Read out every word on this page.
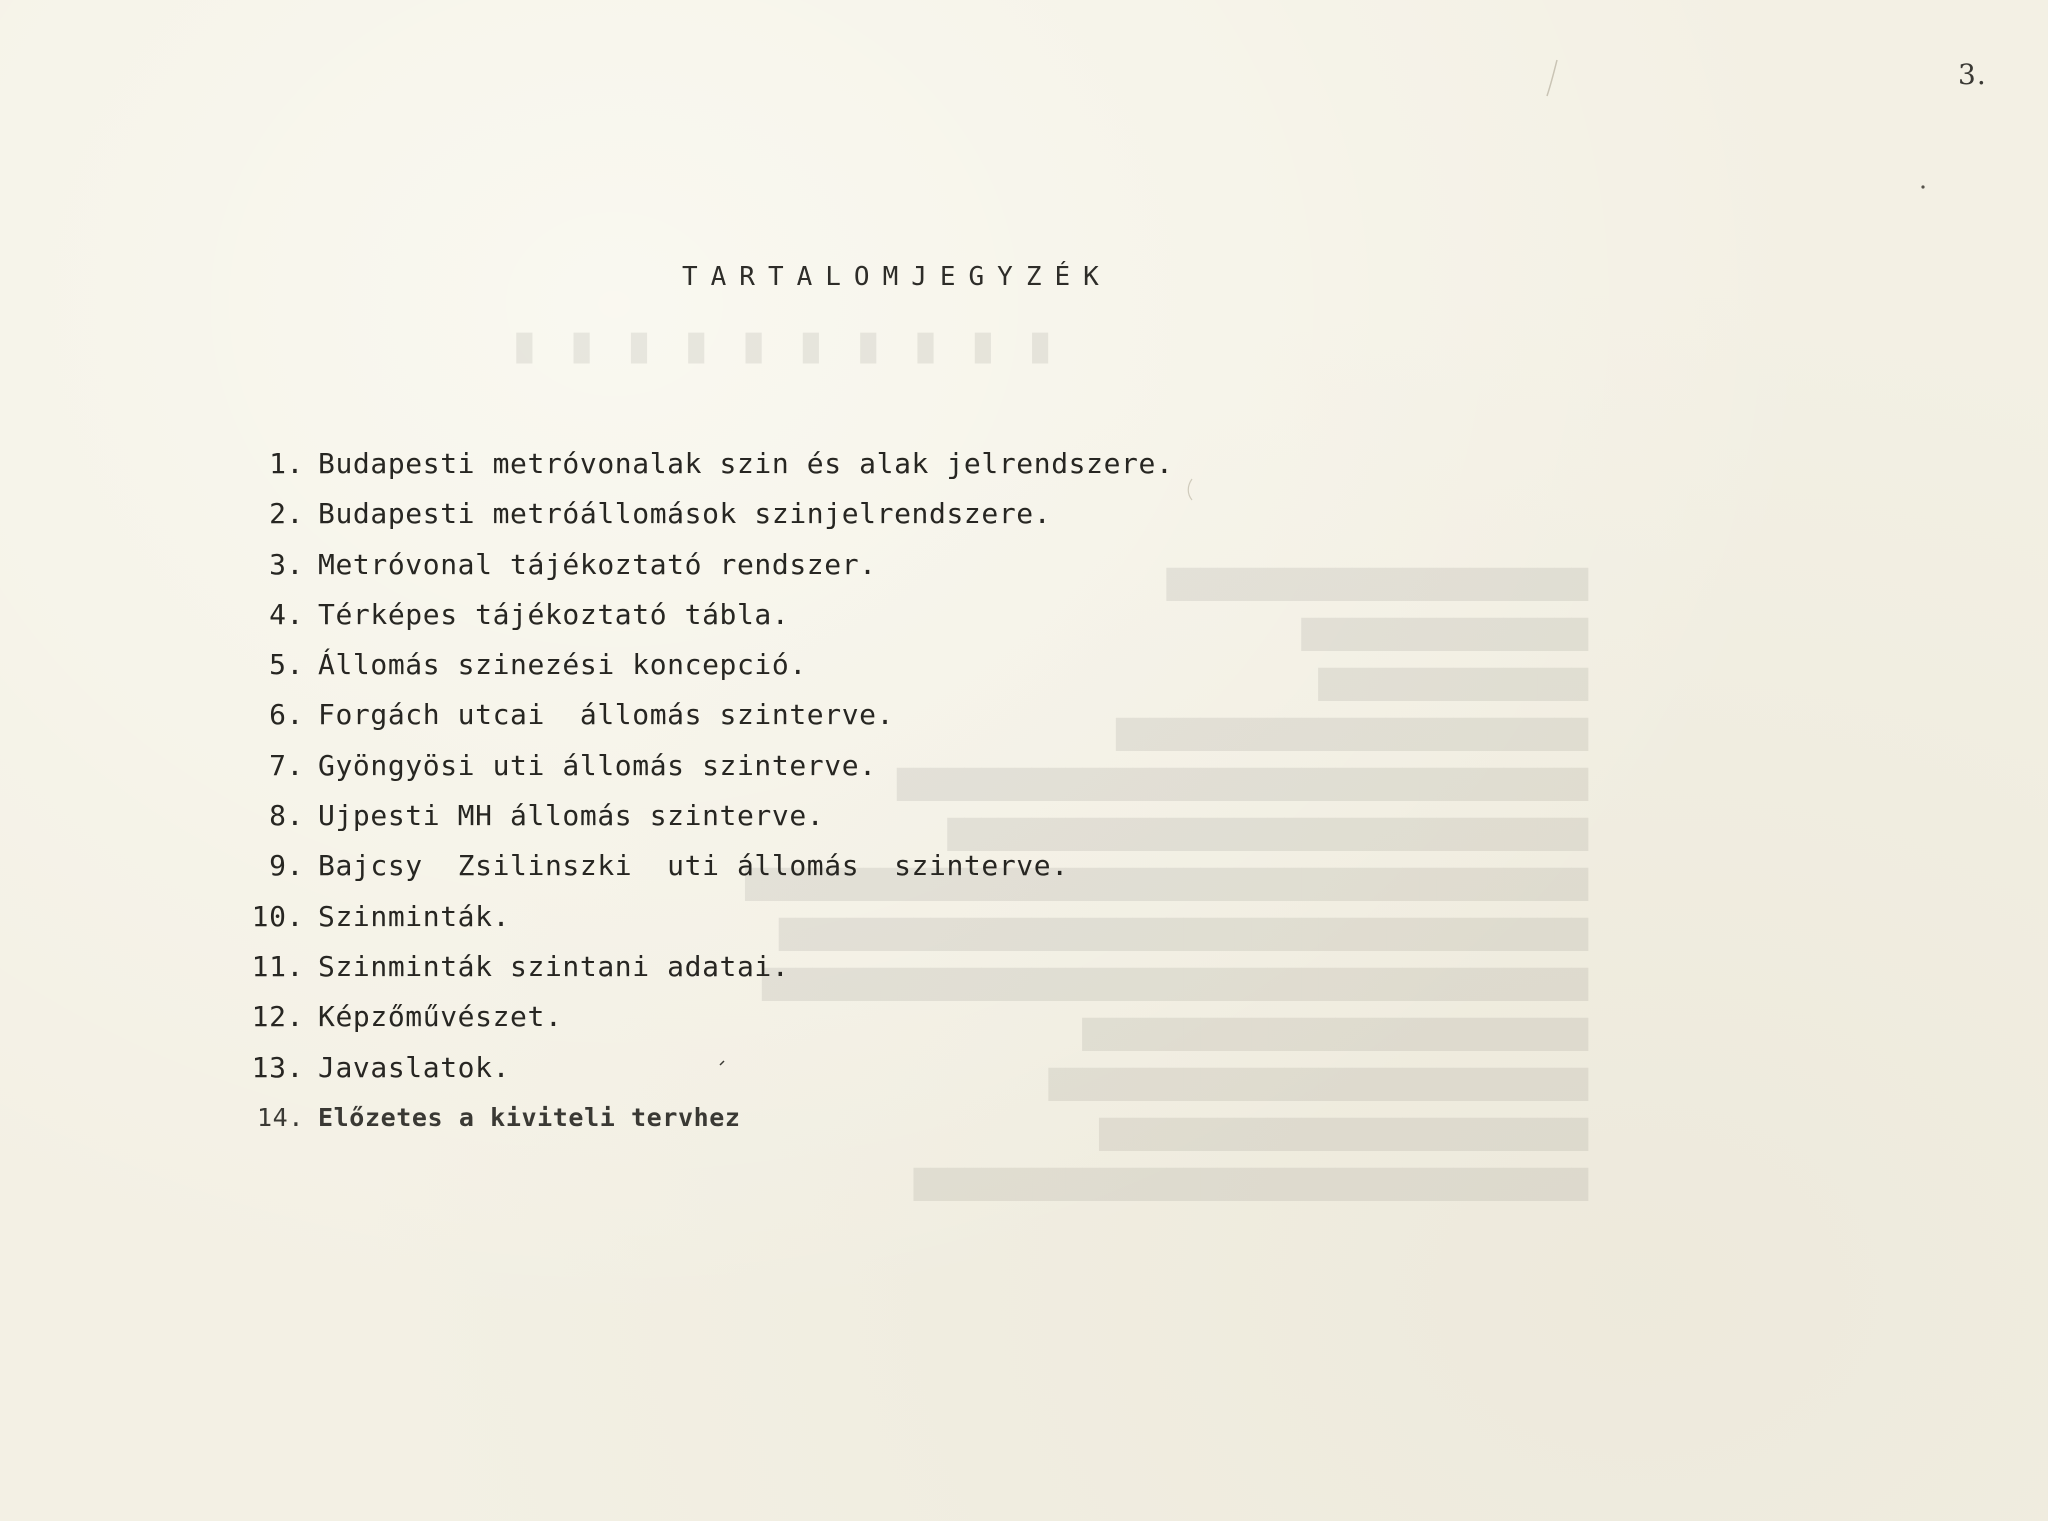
█ █ █ █ █ █ █ █ █ █
█████████████████████████
█████████████████
████████████████
████████████████████████████
█████████████████████████████████████████
██████████████████████████████████████
██████████████████████████████████████████████████
████████████████████████████████████████████████
█████████████████████████████████████████████████
██████████████████████████████
████████████████████████████████
█████████████████████████████
████████████████████████████████████████
3.
TARTALOMJEGYZÉK
1. Budapesti metróvonalak szin és alak jelrendszere.
2. Budapesti metróállomások szinjelrendszere.
3. Metróvonal tájékoztató rendszer.
4. Térképes tájékoztató tábla.
5. Állomás szinezési koncepció.
6. Forgách utcai  állomás szinterve.
7. Gyöngyösi uti állomás szinterve.
8. Ujpesti MH állomás szinterve.
9. Bajcsy  Zsilinszki  uti állomás  szinterve.
10. Szinminták.
11. Szinminták szintani adatai.
12. Képzőművészet.
13. Javaslatok.
14. Előzetes a kiviteli tervhez
